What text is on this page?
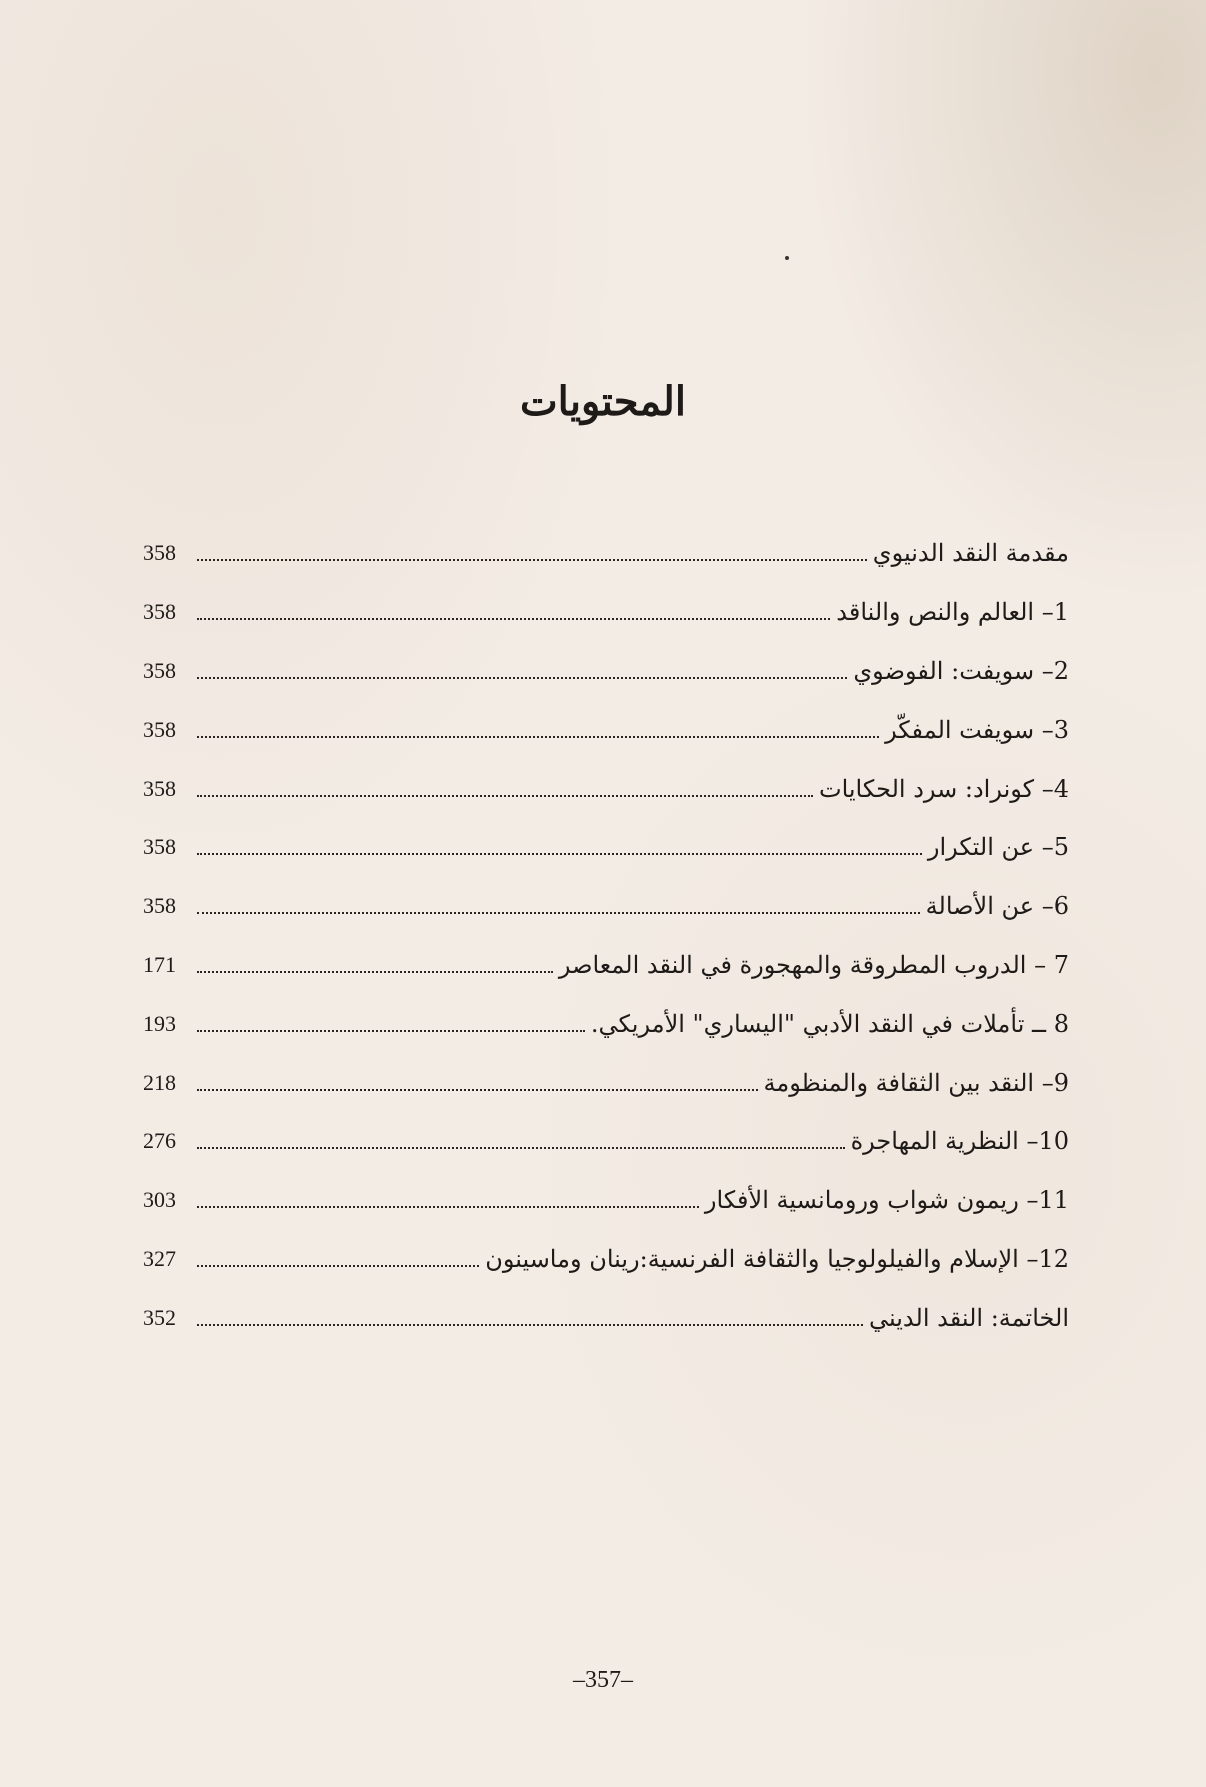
المحتويات
358	مقدمة النقد الدنيوي
358	1– العالم والنص والناقد
358	2– سويفت: الفوضوي
358	3– سويفت المفكّر
358	4– كونراد: سرد الحكايات
358	5– عن التكرار
358	6– عن الأصالة
171	7 – الدروب المطروقة والمهجورة في النقد المعاصر
193	8 ــ تأملات في النقد الأدبي "اليساري" الأمريكي.
218	9– النقد بين الثقافة والمنظومة
276	10– النظرية المهاجرة
303	11– ريمون شواب ورومانسية الأفكار
327	12– الإسلام والفيلولوجيا والثقافة الفرنسية:رينان وماسينون
352	الخاتمة: النقد الديني
–357–
